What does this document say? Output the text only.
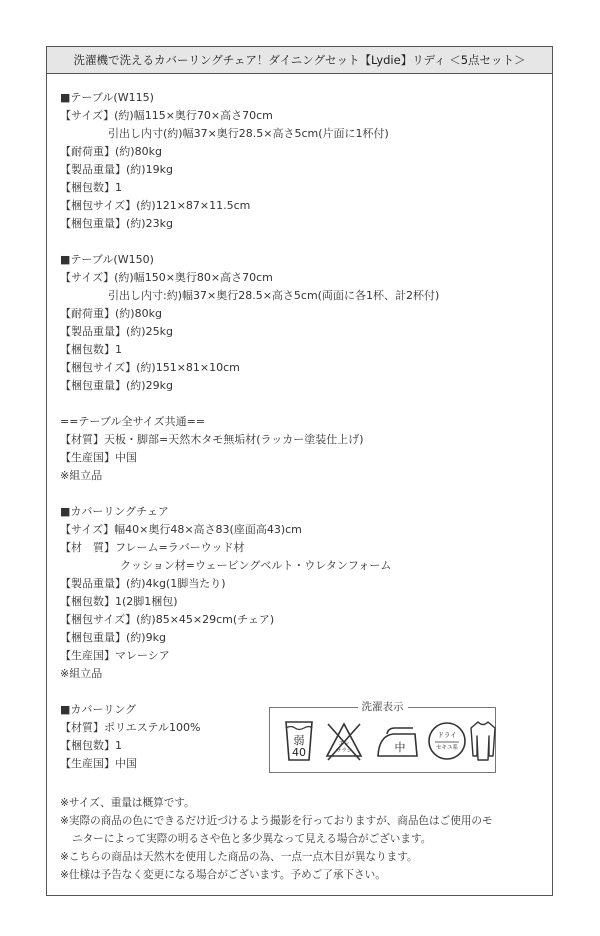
洗濯機で洗えるカバーリングチェア！ダイニングセット【Lydie】リディ ＜5点セット＞
■テーブル(W115)
【サイズ】(約)幅115×奥行70×高さ70cm
引出し内寸(約)幅37×奥行28.5×高さ5cm(片面に1杯付)
【耐荷重】(約)80kg
【製品重量】(約)19kg
【梱包数】1
【梱包サイズ】(約)121×87×11.5cm
【梱包重量】(約)23kg
■テーブル(W150)
【サイズ】(約)幅150×奥行80×高さ70cm
引出し内寸:約)幅37×奥行28.5×高さ5cm(両面に各1杯、計2杯付)
【耐荷重】(約)80kg
【製品重量】(約)25kg
【梱包数】1
【梱包サイズ】(約)151×81×10cm
【梱包重量】(約)29kg
==テーブル全サイズ共通==
【材質】天板・脚部=天然木タモ無垢材(ラッカー塗装仕上げ)
【生産国】中国
※組立品
■カバーリングチェア
【サイズ】幅40×奥行48×高さ83(座面高43)cm
【材　質】フレーム=ラバーウッド材
クッション材=ウェービングベルト・ウレタンフォーム
【製品重量】(約)4kg(1脚当たり)
【梱包数】1(2脚1梱包)
【梱包サイズ】(約)85×45×29cm(チェア)
【梱包重量】(約)9kg
【生産国】マレーシア
※組立品
■カバーリング
【材質】ポリエステル100%
【梱包数】1
【生産国】中国
洗濯表示
弱
40
エン
サラシ	中
ドライ
セキユ系
※サイズ、重量は概算です。
※実際の商品の色にできるだけ近づけるよう撮影を行っておりますが、商品色はご使用のモ
ニターによって実際の明るさや色と多少異なって見える場合がございます。
※こちらの商品は天然木を使用した商品の為、一点一点木目が異なります。
※仕様は予告なく変更になる場合がございます。予めご了承下さい。
